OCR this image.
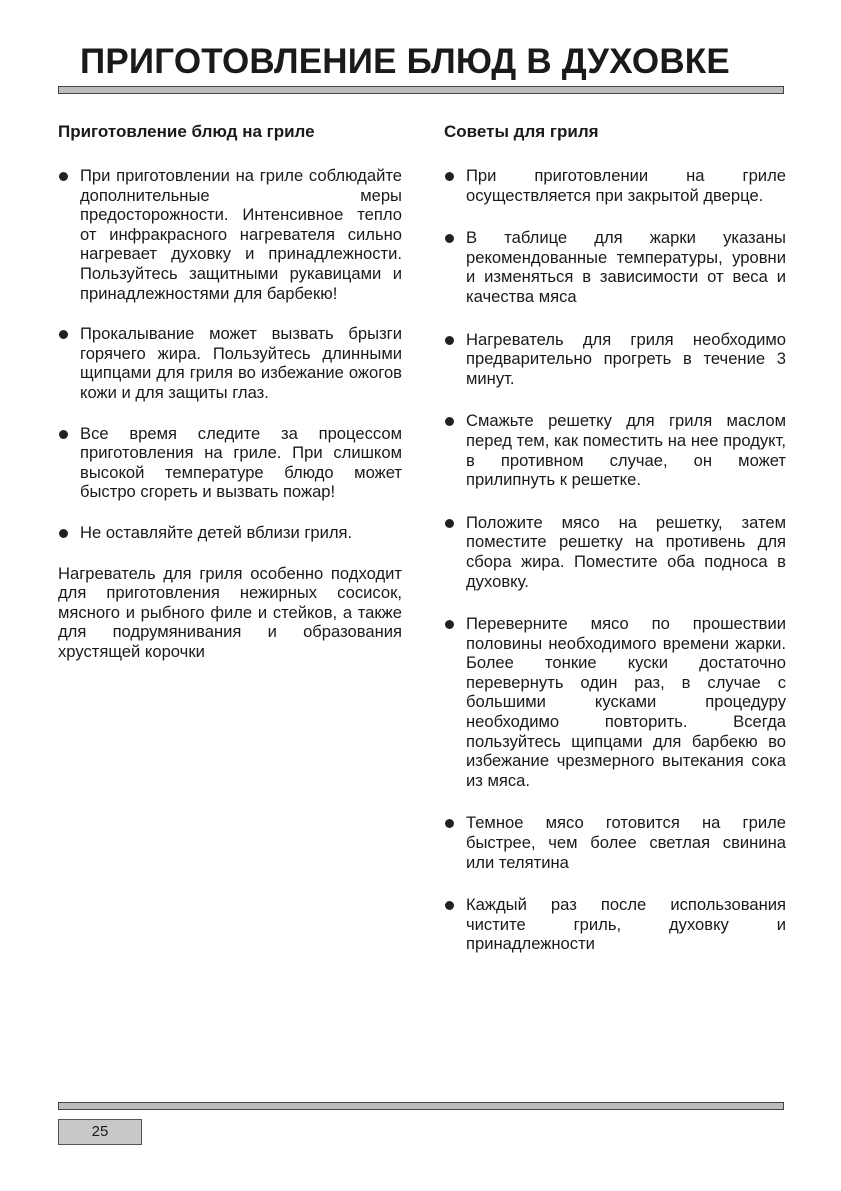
ПРИГОТОВЛЕНИЕ БЛЮД В ДУХОВКЕ
Приготовление блюд на гриле
При приготовлении на гриле соблюдайте дополнительные меры предосторожности. Интенсивное тепло от инфракрасного нагревателя сильно нагревает духовку и принадлежности. Пользуйтесь защитными рукавицами и принадлежностями для барбекю!
Прокалывание может вызвать брызги горячего жира. Пользуйтесь длинными щипцами для гриля во избежание ожогов кожи и для защиты глаз.
Все время следите за процессом приготовления на гриле. При слишком высокой температуре блюдо может быстро сгореть и вызвать пожар!
Не оставляйте детей вблизи гриля.

Нагреватель для гриля особенно подходит для приготовления нежирных сосисок, мясного и рыбного филе и стейков, а также для подрумянивания и образования хрустящей корочки

Советы для гриля
При приготовлении на гриле осуществляется при закрытой дверце.
В таблице для жарки указаны рекомендованные температуры, уровни и изменяться в зависимости от веса и качества мяса
Нагреватель для гриля необходимо предварительно прогреть в течение 3 минут.
Смажьте решетку для гриля маслом перед тем, как поместить на нее продукт, в противном случае, он может прилипнуть к решетке.
Положите мясо на решетку, затем поместите решетку на противень для сбора жира. Поместите оба подноса в духовку.
Переверните мясо по прошествии половины необходимого времени жарки. Более тонкие куски достаточно перевернуть один раз, в случае с большими кусками процедуру необходимо повторить. Всегда пользуйтесь щипцами для барбекю во избежание чрезмерного вытекания сока из мяса.
Темное мясо готовится на гриле быстрее, чем более светлая свинина или телятина
Каждый раз после использования чистите гриль, духовку и принадлежности
25
